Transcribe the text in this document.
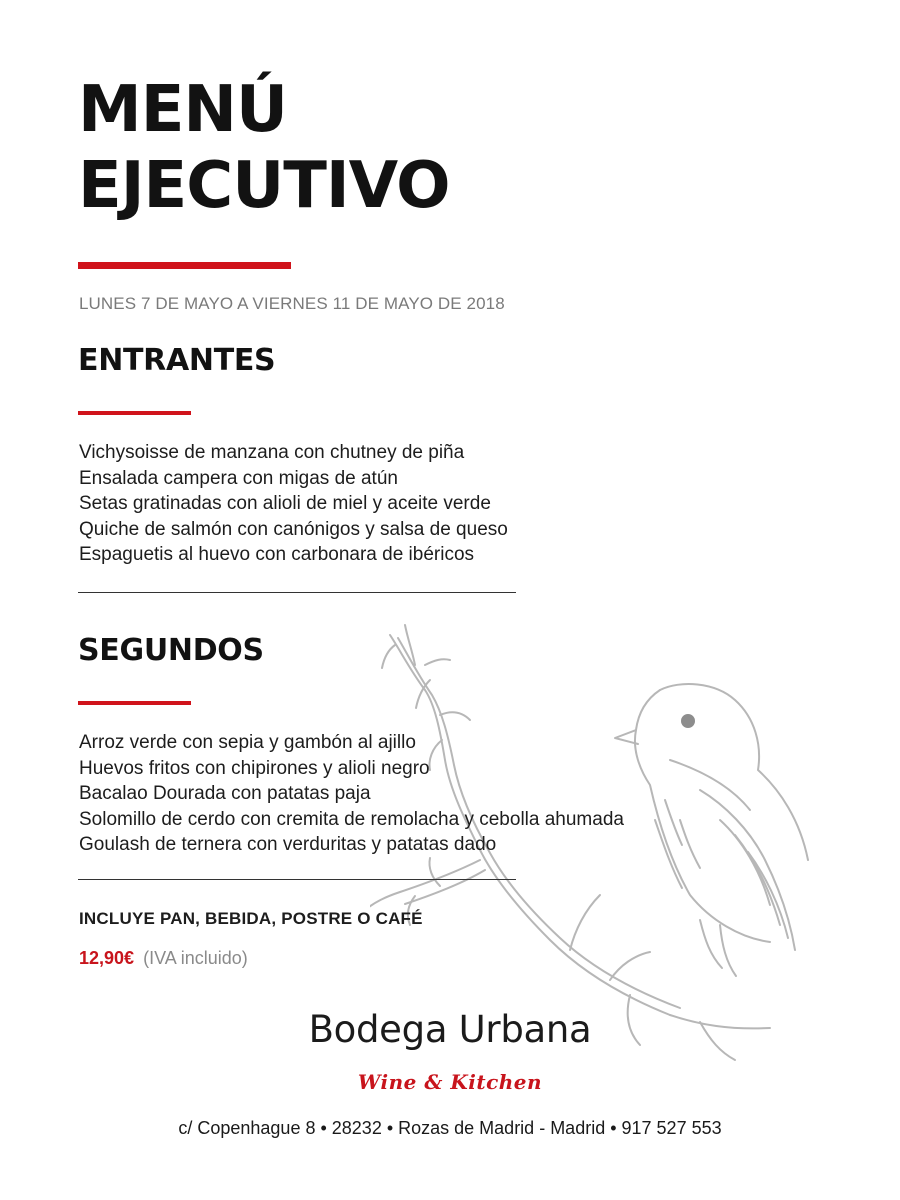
MENÚ
EJECUTIVO
LUNES 7 DE MAYO A VIERNES 11 DE MAYO DE 2018
ENTRANTES
Vichysoisse de manzana con chutney de piña
Ensalada campera con migas de atún
Setas gratinadas con alioli de miel y aceite verde
Quiche de salmón con canónigos y salsa de queso
Espaguetis al huevo con carbonara de ibéricos
SEGUNDOS
Arroz verde con sepia y gambón al ajillo
Huevos fritos con chipirones y alioli negro
Bacalao Dourada con patatas paja
Solomillo de cerdo con cremita de remolacha y cebolla ahumada
Goulash de ternera con verduritas y patatas dado
INCLUYE PAN, BEBIDA, POSTRE O CAFÉ
12,90€ (IVA incluido)
Bodega Urbana
Wine & Kitchen
c/ Copenhague 8 • 28232 • Rozas de Madrid - Madrid • 917 527 553
